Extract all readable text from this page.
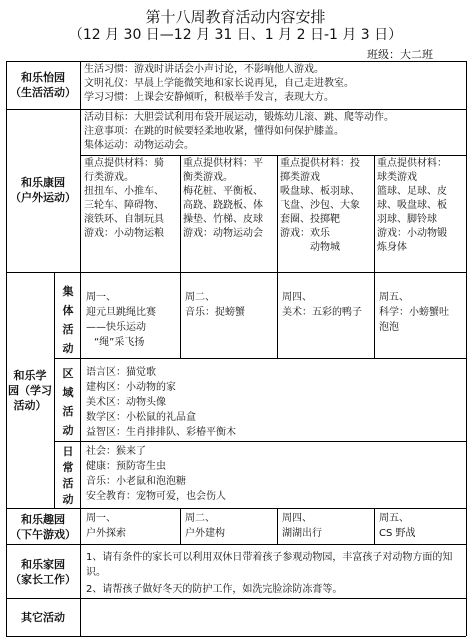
第十八周教育活动内容安排
（12 月 30 日—12 月 31 日、1 月 2 日-1 月 3 日）
班级：大二班
和乐怡园
（生活活动）
生活习惯：游戏时讲话会小声讨论，不影响他人游戏。
文明礼仪：早晨上学能微笑地和家长说再见，自己走进教室。
学习习惯：上课会安静倾听，积极举手发言，表现大方。
和乐康园
（户外运动）
活动目标：大胆尝试利用布袋开展运动，锻炼幼儿滚、跳、爬等动作。
注意事项：在跳的时候要轻柔地收紧，懂得如何保护膝盖。
集体运动：动物运动会。
重点提供材料：骑
行类游戏。
扭扭车、小推车、
三轮车、障碍物、
滚铁环、自制玩具
游戏：小动物运粮
重点提供材料：平
衡类游戏。
梅花桩、平衡板、
高跷、跷跷板、体
操垫、竹梯、皮球
游戏：动物运动会
重点提供材料：投
掷类游戏
吸盘球、板羽球、
飞盘、沙包、大象
套圈、投掷靶
游戏：欢乐
动物城
重点提供材料：
球类游戏
篮球、足球、皮
球、吸盘球、板
羽球、脚铃球
游戏：小动物锻
炼身体
和乐学
园（学习
活动）
集
体
活
动
周一、
迎元旦跳绳比赛
——快乐运动
“绳”采飞扬
周二、
音乐：捉螃蟹
周四、
美术：五彩的鸭子
周五、
科学：小螃蟹吐
泡泡
区
域
活
动
语言区：猫觉歌
建构区：小动物的家
美术区：动物头像
数学区：小松鼠的礼品盒
益智区：生肖排排队、彩椿平衡木
日
常
活
动
社会：猴来了
健康：预防寄生虫
音乐：小老鼠和泡泡糖
安全教育：宠物可爱，也会伤人
和乐趣园
（下午游戏）
周一、
户外探索
周二、
户外建构
周四、
湖湖出行
周五、
CS 野战
和乐家园
（家长工作）
1、请有条件的家长可以利用双休日带着孩子参观动物园，丰富孩子对动物方面的知识。
2、请帮孩子做好冬天的防护工作，如洗完脸涂防冻膏等。
其它活动
